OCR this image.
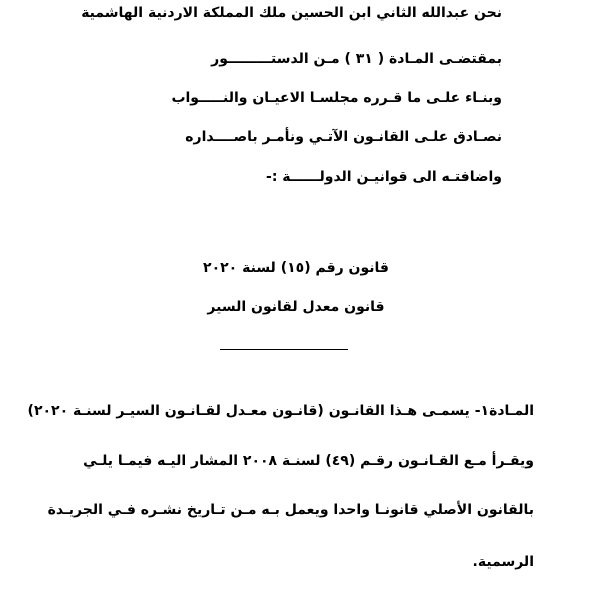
نحن عبدالله الثاني ابن الحسين ملك المملكة الاردنية الهاشمية
بمقتضـى المـادة ( ٣١ ) مـن الدستـــــــــور
وبنـاء علـى ما قـرره مجلسـا الاعيـان والنـــــواب
نصـادق علـى القانـون الآتـي ونأمـر باصــــداره
واضافتـه الى قوانيـن الدولــــــة :-
قانون رقم (١٥) لسنة ٢٠٢٠
قانون معدل لقانون السير
المـادة١- يسمـى هـذا القانـون (قانـون معـدل لقـانـون السيـر لسنـة ٢٠٢٠)
ويقـرأ مـع القـانـون رقـم (٤٩) لسنـة ٢٠٠٨ المشار اليـه فيمـا يلـي
بالقانون الأصلي قانونـا واحدا ويعمل بـه مـن تـاريخ نشـره فـي الجريـدة
الرسمية.
